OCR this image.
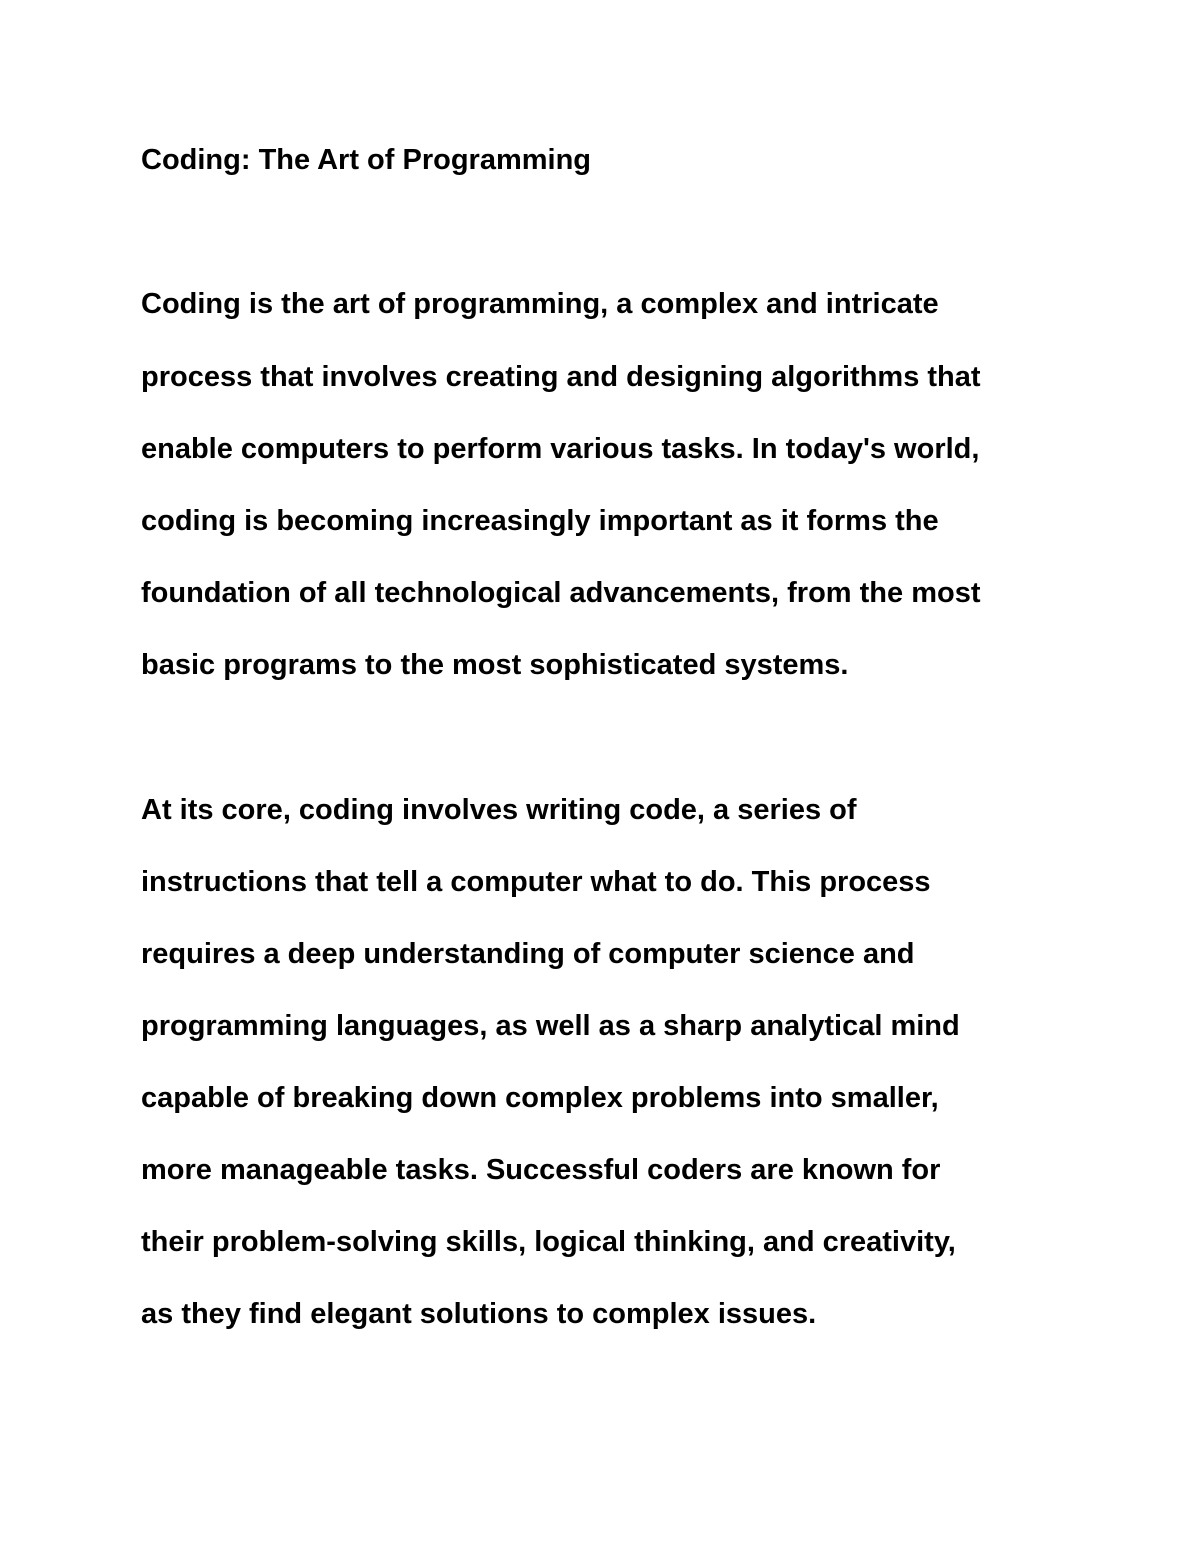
Coding: The Art of Programming
Coding is the art of programming, a complex and intricate
process that involves creating and designing algorithms that
enable computers to perform various tasks. In today's world,
coding is becoming increasingly important as it forms the
foundation of all technological advancements, from the most
basic programs to the most sophisticated systems.
At its core, coding involves writing code, a series of
instructions that tell a computer what to do. This process
requires a deep understanding of computer science and
programming languages, as well as a sharp analytical mind
capable of breaking down complex problems into smaller,
more manageable tasks. Successful coders are known for
their problem-solving skills, logical thinking, and creativity,
as they find elegant solutions to complex issues.
